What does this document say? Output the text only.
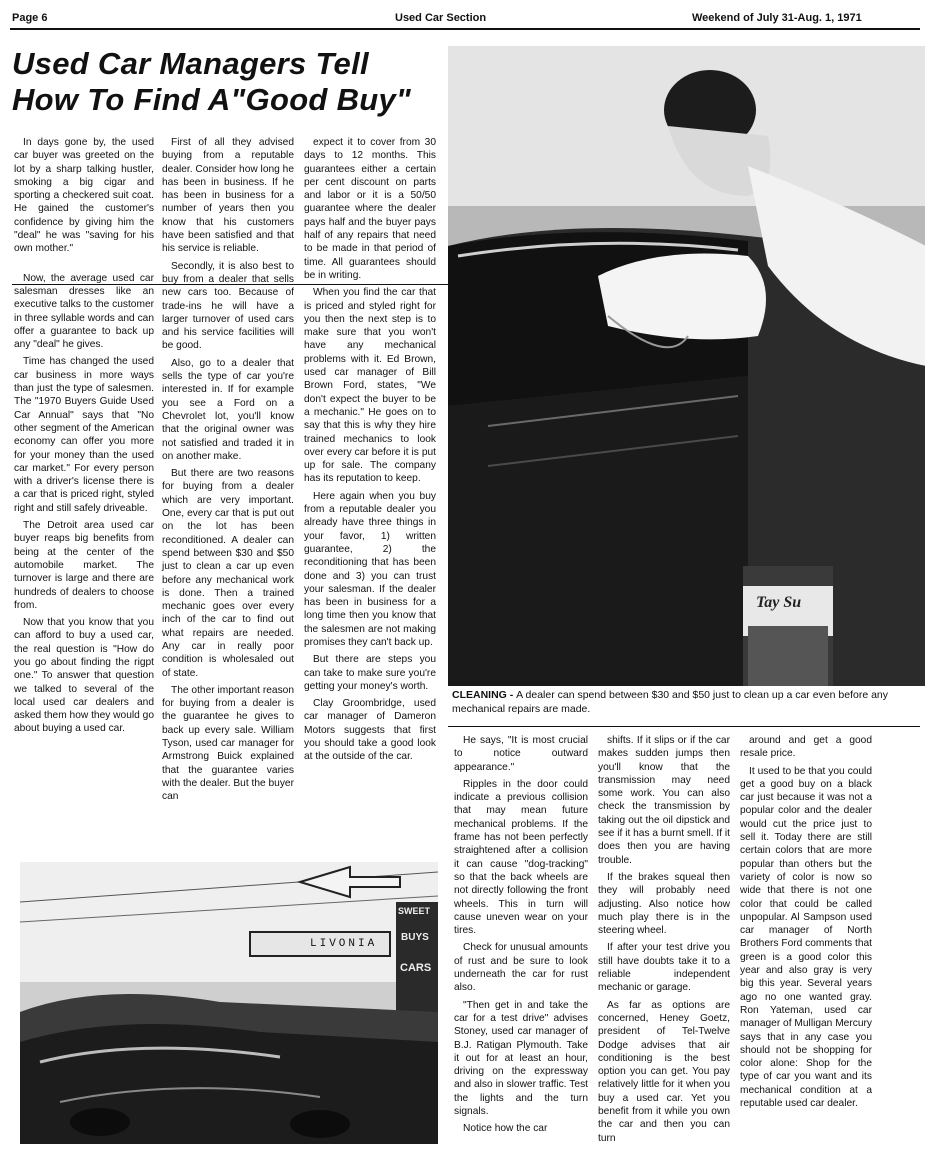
Page 6	Used Car Section	Weekend of July 31-Aug. 1, 1971
Used Car Managers Tell
How To Find A"Good Buy"
Tay Su
CLEANING - A dealer can spend between $30 and $50 just to clean up a car even before any mechanical repairs are made.

In days gone by, the used car buyer was greeted on the lot by a sharp talking hustler, smoking a big cigar and sporting a checkered suit coat. He gained the customer's confidence by giving him the "deal" he was "saving for his own mother."

Now, the average used car salesman dresses like an executive talks to the customer in three syllable words and can offer a guarantee to back up any "deal" he gives.

Time has changed the used car business in more ways than just the type of salesmen. The "1970 Buyers Guide Used Car Annual" says that "No other segment of the American economy can offer you more for your money than the used car market." For every person with a driver's license there is a car that is priced right, styled right and still safely driveable.

The Detroit area used car buyer reaps big benefits from being at the center of the automobile market. The turnover is large and there are hundreds of dealers to choose from.

Now that you know that you can afford to buy a used car, the real question is "How do you go about finding the rigpt one." To answer that question we talked to several of the local used car dealers and asked them how they would go about buying a used car.

First of all they advised buying from a reputable dealer. Consider how long he has been in business. If he has been in business for a number of years then you know that his customers have been satisfied and that his service is reliable.

Secondly, it is also best to buy from a dealer that sells new cars too. Because of trade-ins he will have a larger turnover of used cars and his service facilities will be good.

Also, go to a dealer that sells the type of car you're interested in. If for example you see a Ford on a Chevrolet lot, you'll know that the original owner was not satisfied and traded it in on another make.

But there are two reasons for buying from a dealer which are very important. One, every car that is put out on the lot has been reconditioned. A dealer can spend between $30 and $50 just to clean a car up even before any mechanical work is done. Then a trained mechanic goes over every inch of the car to find out what repairs are needed. Any car in really poor condition is wholesaled out of state.

The other important reason for buying from a dealer is the guarantee he gives to back up every sale. William Tyson, used car manager for Armstrong Buick explained that the guarantee varies with the dealer. But the buyer can

expect it to cover from 30 days to 12 months. This guarantees either a certain per cent discount on parts and labor or it is a 50/50 guarantee where the dealer pays half and the buyer pays half of any repairs that need to be made in that period of time. All guarantees should be in writing.

When you find the car that is priced and styled right for you then the next step is to make sure that you won't have any mechanical problems with it. Ed Brown, used car manager of Bill Brown Ford, states, "We don't expect the buyer to be a mechanic." He goes on to say that this is why they hire trained mechanics to look over every car before it is put up for sale. The company has its reputation to keep.

Here again when you buy from a reputable dealer you already have three things in your favor, 1) written guarantee, 2) the reconditioning that has been done and 3) you can trust your salesman. If the dealer has been in business for a long time then you know that the salesmen are not making promises they can't back up.

But there are steps you can take to make sure you're getting your money's worth.

Clay Groombridge, used car manager of Dameron Motors suggests that first you should take a good look at the outside of the car.

He says, "It is most crucial to notice outward appearance."

Ripples in the door could indicate a previous collision that may mean future mechanical problems. If the frame has not been perfectly straightened after a collision it can cause "dog-tracking" so that the back wheels are not directly following the front wheels. This in turn will cause uneven wear on your tires.

Check for unusual amounts of rust and be sure to look underneath the car for rust also.

"Then get in and take the car for a test drive" advises Stoney, used car manager of B.J. Ratigan Plymouth. Take it out for at least an hour, driving on the expressway and also in slower traffic. Test the lights and the turn signals.

Notice how the car

shifts. If it slips or if the car makes sudden jumps then you'll know that the transmission may need some work. You can also check the transmission by taking out the oil dipstick and see if it has a burnt smell. If it does then you are having trouble.

If the brakes squeal then they will probably need adjusting. Also notice how much play there is in the steering wheel.

If after your test drive you still have doubts take it to a reliable independent mechanic or garage.

As far as options are concerned, Heney Goetz, president of Tel-Twelve Dodge advises that air conditioning is the best option you can get. You pay relatively little for it when you buy a used car. Yet you benefit from it while you own the car and then you can turn

around and get a good resale price.

It used to be that you could get a good buy on a black car just because it was not a popular color and the dealer would cut the price just to sell it. Today there are still certain colors that are more popular than others but the variety of color is now so wide that there is not one color that could be called unpopular. Al Sampson used car manager of North Brothers Ford comments that green is a good color this year and also gray is very big this year. Several years ago no one wanted gray. Ron Yateman, used car manager of Mulligan Mercury says that in any case you should not be shopping for color alone: Shop for the type of car you want and its mechanical condition at a reputable used car dealer.

LIVONIA
SWEET
BUYS
CARS
